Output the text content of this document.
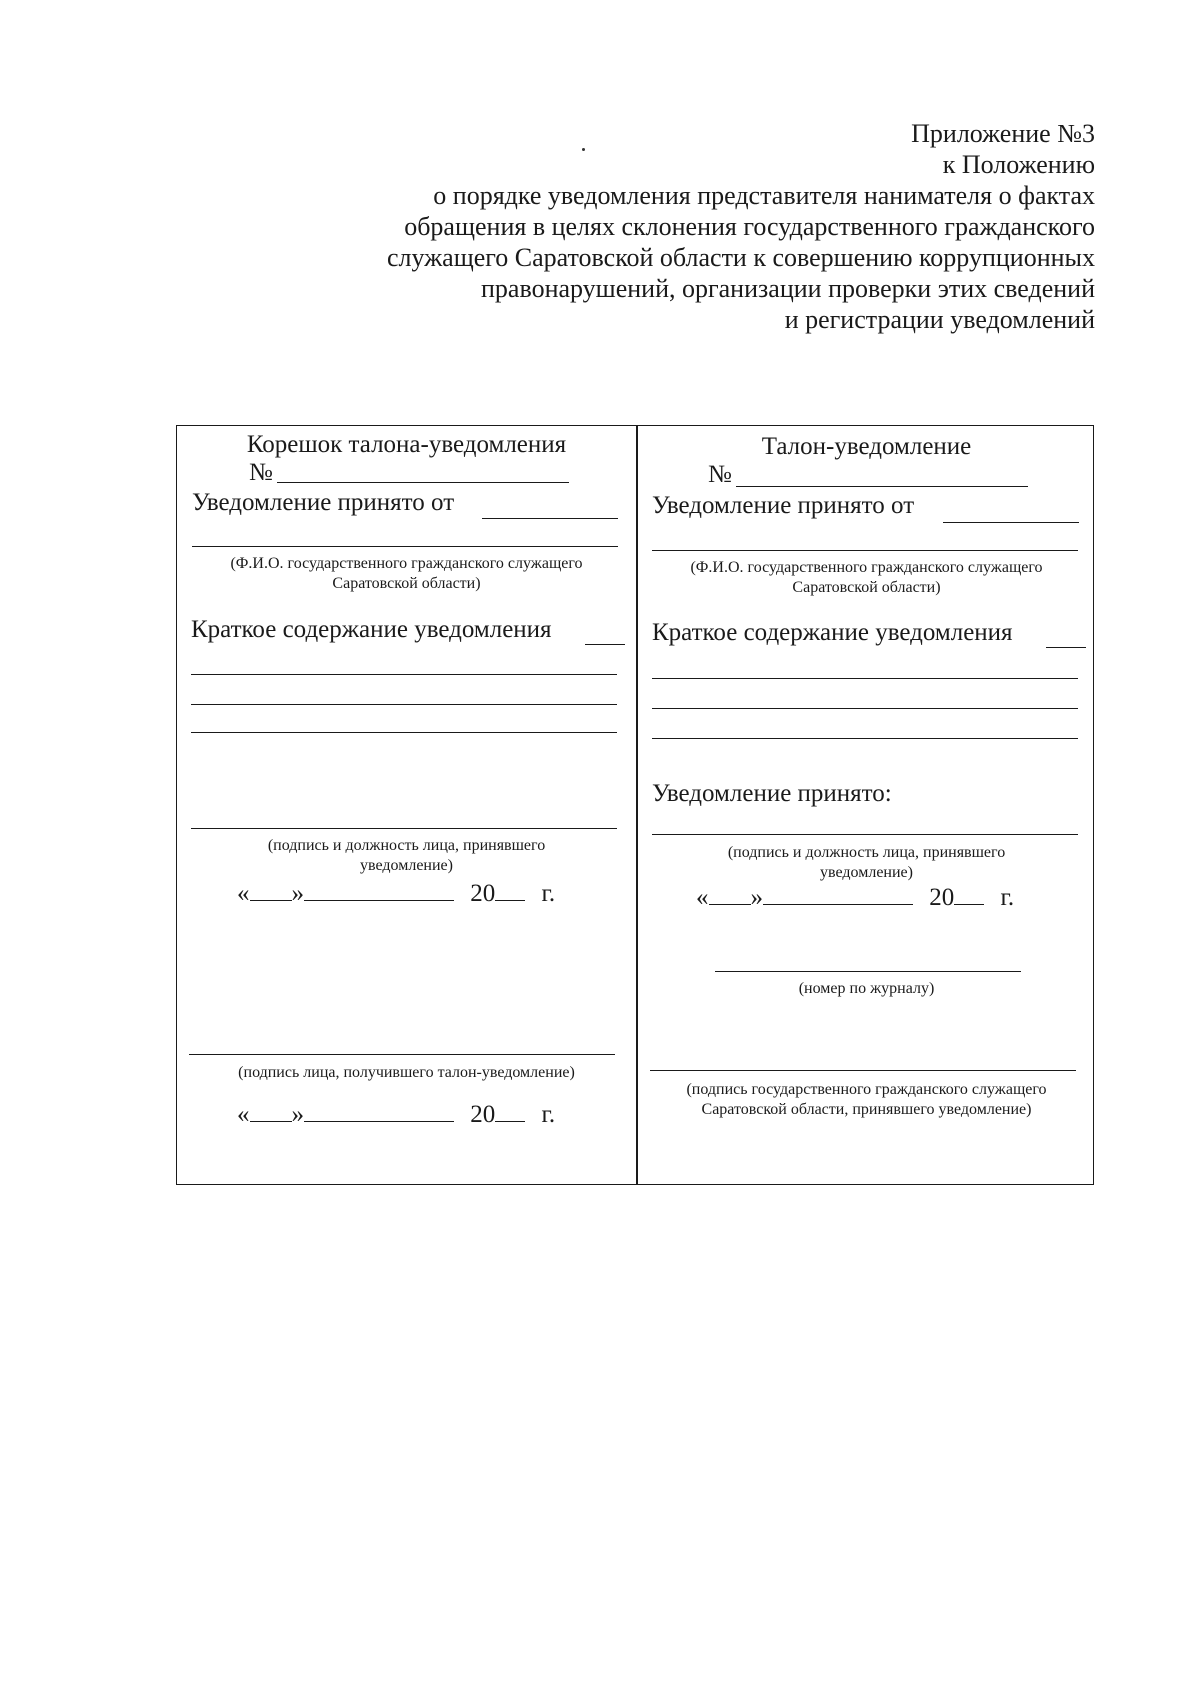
Приложение №3
к Положению
о порядке уведомления представителя нанимателя о фактах
обращения в целях склонения государственного гражданского
служащего Саратовской области к совершению коррупционных
правонарушений, организации проверки этих сведений
и регистрации уведомлений
Корешок талона-уведомления
№
Уведомление принято от
(Ф.И.О. государственного гражданского служащего
Саратовской области)
Краткое содержание уведомления
(подпись и должность лица, принявшего
уведомление)
« »	20 г.
(подпись лица, получившего талон-уведомление)
« »	20 г.
Талон-уведомление
№
Уведомление принято от
(Ф.И.О. государственного гражданского служащего
Саратовской области)
Краткое содержание уведомления
Уведомление принято:
(подпись и должность лица, принявшего
уведомление)
« »	20 г.
(номер по журналу)
(подпись государственного гражданского служащего
Саратовской области, принявшего уведомление)
